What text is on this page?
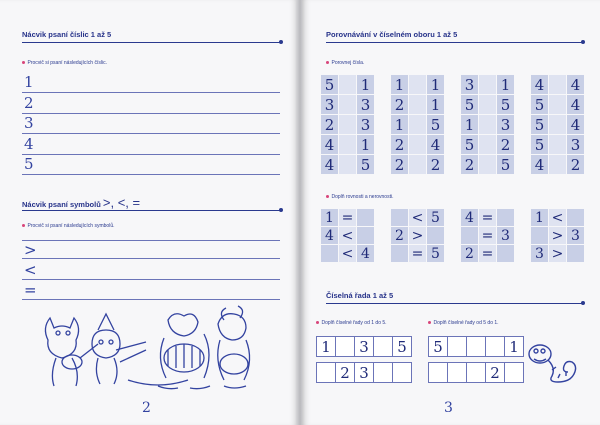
Nácvik psaní číslic 1 až 5
Procvič si psaní následujících číslic.
1
2
3
4
5
Nácvik psaní symbolů >, <, =
Procvič si psaní následujících symbolů.
>
<
=
2
Porovnávání v číselném oboru 1 až 5
Porovnej čísla.
5		1
3		3
2		3
4		1
4		5
1		1
2		1
1		5
2		4
2		2
3		1
5		5
1		3
5		2
2		5
4		4
5		4
5		4
5		3
4		2
Doplň rovnosti a nerovnosti.
1	=	
4	<	
	<	4
	<	5
2	>	
	=	5
4	=	
	=	3
2	=	
1	<	
	>	3
3	>	
Číselná řada 1 až 5
Doplň číselné řady od 1 do 5.	Doplň číselné řady od 5 do 1.
1		3		5
	2	3		
5				1
			2	
3
